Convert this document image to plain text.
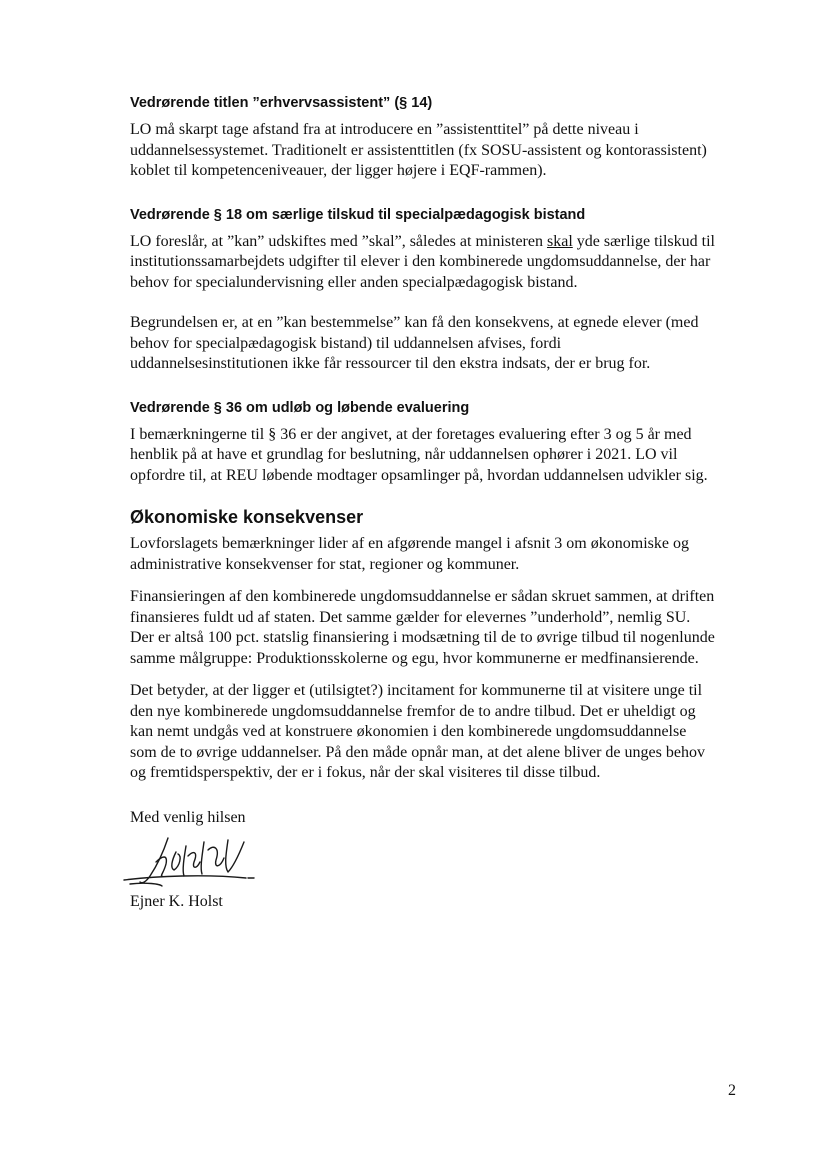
Vedrørende titlen ”erhvervsassistent” (§ 14)
LO må skarpt tage afstand fra at introducere en ”assistenttitel” på dette niveau i
uddannelsessystemet. Traditionelt er assistenttitlen (fx SOSU-assistent og kontorassistent)
koblet til kompetenceniveauer, der ligger højere i EQF-rammen).
Vedrørende § 18 om særlige tilskud til specialpædagogisk bistand
LO foreslår, at ”kan” udskiftes med ”skal”, således at ministeren skal yde særlige tilskud til
institutionssamarbejdets udgifter til elever i den kombinerede ungdomsuddannelse, der har
behov for specialundervisning eller anden specialpædagogisk bistand.
Begrundelsen er, at en ”kan bestemmelse” kan få den konsekvens, at egnede elever (med
behov for specialpædagogisk bistand) til uddannelsen afvises, fordi
uddannelsesinstitutionen ikke får ressourcer til den ekstra indsats, der er brug for.
Vedrørende § 36 om udløb og løbende evaluering
I bemærkningerne til § 36 er der angivet, at der foretages evaluering efter 3 og 5 år med
henblik på at have et grundlag for beslutning, når uddannelsen ophører i 2021. LO vil
opfordre til, at REU løbende modtager opsamlinger på, hvordan uddannelsen udvikler sig.
Økonomiske konsekvenser
Lovforslagets bemærkninger lider af en afgørende mangel i afsnit 3 om økonomiske og
administrative konsekvenser for stat, regioner og kommuner.
Finansieringen af den kombinerede ungdomsuddannelse er sådan skruet sammen, at driften
finansieres fuldt ud af staten. Det samme gælder for elevernes ”underhold”, nemlig SU.
Der er altså 100 pct. statslig finansiering i modsætning til de to øvrige tilbud til nogenlunde
samme målgruppe: Produktionsskolerne og egu, hvor kommunerne er medfinansierende.
Det betyder, at der ligger et (utilsigtet?) incitament for kommunerne til at visitere unge til
den nye kombinerede ungdomsuddannelse fremfor de to andre tilbud. Det er uheldigt og
kan nemt undgås ved at konstruere økonomien i den kombinerede ungdomsuddannelse
som de to øvrige uddannelser. På den måde opnår man, at det alene bliver de unges behov
og fremtidsperspektiv, der er i fokus, når der skal visiteres til disse tilbud.
Med venlig hilsen
Ejner K. Holst
2
